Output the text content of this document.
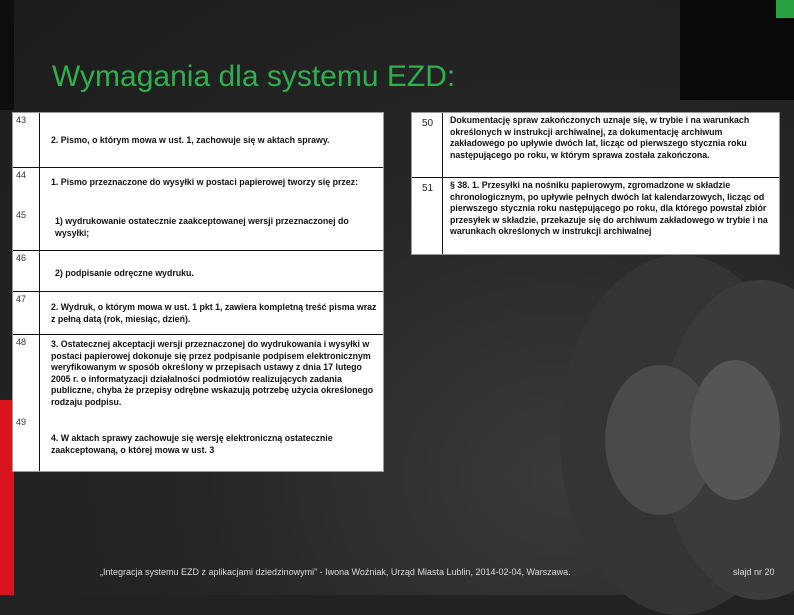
Wymagania dla systemu EZD:
43
2. Pismo, o którym mowa w ust. 1, zachowuje się w aktach sprawy.
44
1. Pismo przeznaczone do wysyłki w postaci papierowej tworzy się przez:
45
1) wydrukowanie ostatecznie zaakceptowanej wersji przeznaczonej do wysyłki;
46
2) podpisanie odręczne wydruku.
47
2. Wydruk, o którym mowa w ust. 1 pkt 1, zawiera kompletną treść pisma wraz z pełną datą (rok, miesiąc, dzień).
48	3. Ostatecznej akceptacji wersji przeznaczonej do wydrukowania i wysyłki w postaci papierowej dokonuje się przez podpisanie podpisem elektronicznym weryfikowanym w sposób określony w przepisach ustawy z dnia 17 lutego 2005 r. o informatyzacji działalności podmiotów realizujących zadania publiczne, chyba że przepisy odrębne wskazują potrzebę użycia określonego rodzaju podpisu.
49
4. W aktach sprawy zachowuje się wersję elektroniczną ostatecznie zaakceptowaną, o której mowa w ust. 3
50 Dokumentację spraw zakończonych uznaje się, w trybie i na warunkach określonych w instrukcji archiwalnej, za dokumentację archiwum zakładowego po upływie dwóch lat, licząc od pierwszego stycznia roku następującego po roku, w którym sprawa została zakończona.
51 § 38. 1. Przesyłki na nośniku papierowym, zgromadzone w składzie chronologicznym, po upływie pełnych dwóch lat kalendarzowych, licząc od pierwszego stycznia roku następującego po roku, dla którego powstał zbiór przesyłek w składzie, przekazuje się do archiwum zakładowego w trybie i na warunkach określonych w instrukcji archiwalnej
„Integracja systemu EZD z aplikacjami dziedzinowymi” - Iwona Woźniak, Urząd Miasta Lublin, 2014-02-04, Warszawa.	slajd nr 20
